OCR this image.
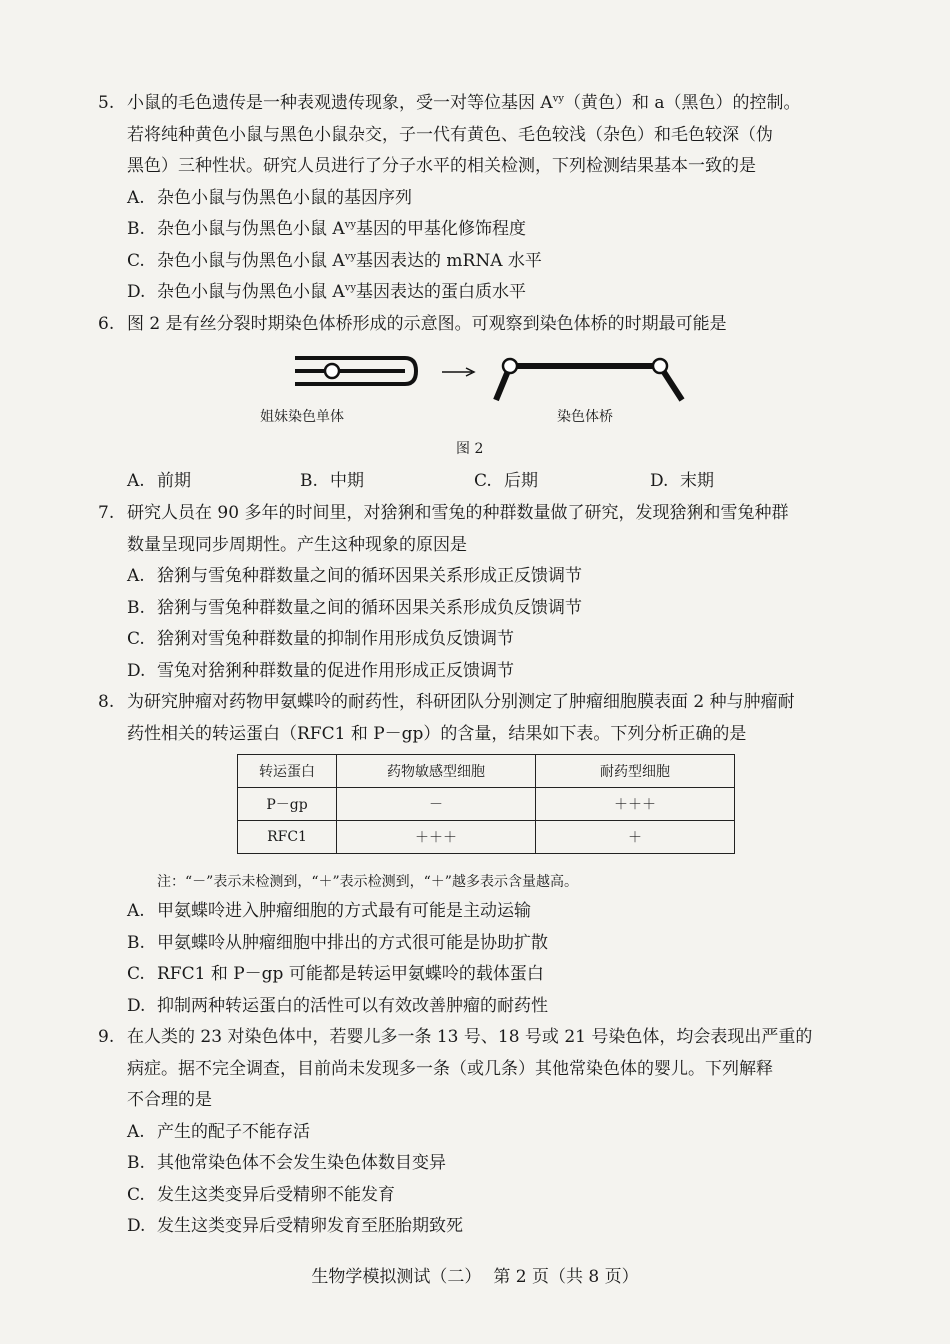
5. 小鼠的毛色遗传是一种表观遗传现象，受一对等位基因 $A^{vy}$（黄色）和 a（黑色）的控制。
若将纯种黄色小鼠与黑色小鼠杂交，子一代有黄色、毛色较浅（杂色）和毛色较深（伪
黑色）三种性状。研究人员进行了分子水平的相关检测，下列检测结果基本一致的是
A. 杂色小鼠与伪黑色小鼠的基因序列
B. 杂色小鼠与伪黑色小鼠 $A^{vy}$基因的甲基化修饰程度
C. 杂色小鼠与伪黑色小鼠 $A^{vy}$基因表达的 mRNA 水平
D. 杂色小鼠与伪黑色小鼠 $A^{vy}$基因表达的蛋白质水平
6. 图 2 是有丝分裂时期染色体桥形成的示意图。可观察到染色体桥的时期最可能是
姐妹染色单体	染色体桥
图 2
A. 前期	B. 中期	C. 后期	D. 末期
7. 研究人员在 90 多年的时间里，对猞猁和雪兔的种群数量做了研究，发现猞猁和雪兔种群
数量呈现同步周期性。产生这种现象的原因是
A. 猞猁与雪兔种群数量之间的循环因果关系形成正反馈调节
B. 猞猁与雪兔种群数量之间的循环因果关系形成负反馈调节
C. 猞猁对雪兔种群数量的抑制作用形成负反馈调节
D. 雪兔对猞猁种群数量的促进作用形成正反馈调节
8. 为研究肿瘤对药物甲氨蝶呤的耐药性，科研团队分别测定了肿瘤细胞膜表面 2 种与肿瘤耐
药性相关的转运蛋白（RFC1 和 P－gp）的含量，结果如下表。下列分析正确的是
转运蛋白	药物敏感型细胞	耐药型细胞
P－gp	－	＋＋＋
RFC1	＋＋＋	＋
注：“－”表示未检测到，“＋”表示检测到，“＋”越多表示含量越高。
A. 甲氨蝶呤进入肿瘤细胞的方式最有可能是主动运输
B. 甲氨蝶呤从肿瘤细胞中排出的方式很可能是协助扩散
C. RFC1 和 P－gp 可能都是转运甲氨蝶呤的载体蛋白
D. 抑制两种转运蛋白的活性可以有效改善肿瘤的耐药性
9. 在人类的 23 对染色体中，若婴儿多一条 13 号、18 号或 21 号染色体，均会表现出严重的
病症。据不完全调查，目前尚未发现多一条（或几条）其他常染色体的婴儿。下列解释
不合理的是
A. 产生的配子不能存活
B. 其他常染色体不会发生染色体数目变异
C. 发生这类变异后受精卵不能发育
D. 发生这类变异后受精卵发育至胚胎期致死
生物学模拟测试（二） 第 2 页（共 8 页）
